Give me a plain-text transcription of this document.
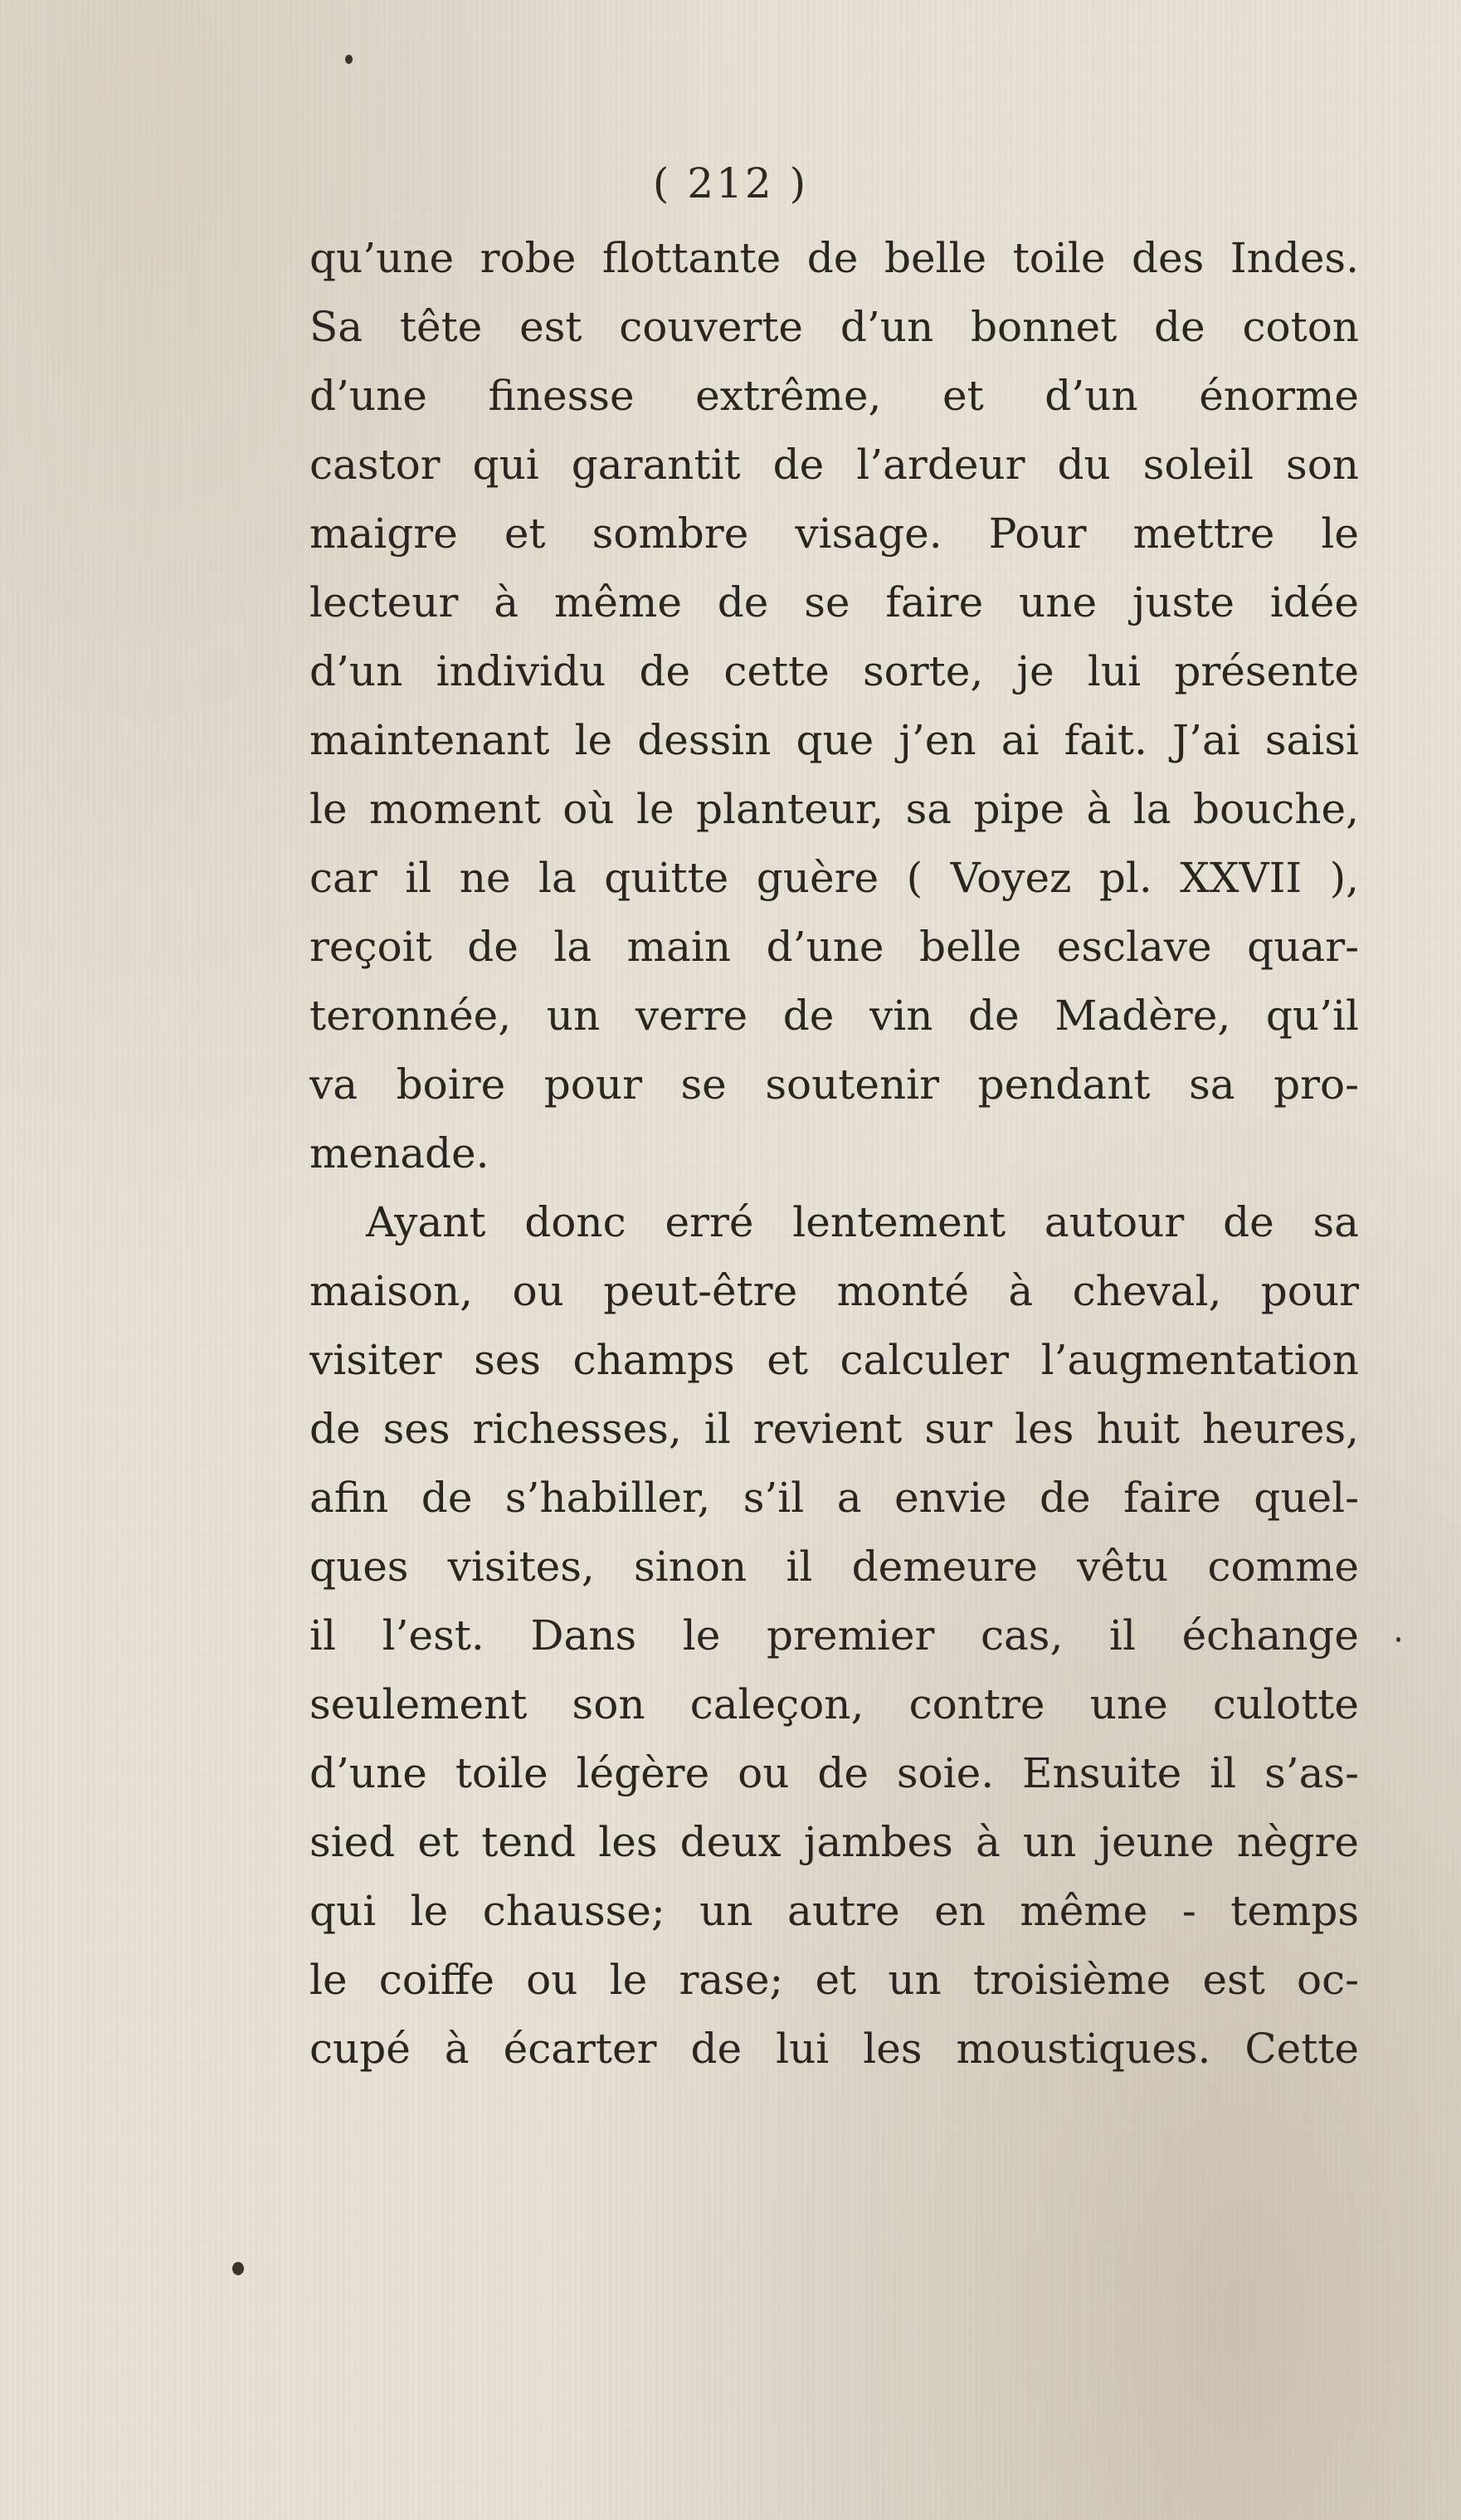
( 212 )
qu’une robe flottante de belle toile des Indes.
Sa tête est couverte d’un bonnet de coton
d’une finesse extrême, et d’un énorme
castor qui garantit de l’ardeur du soleil son
maigre et sombre visage. Pour mettre le
lecteur à même de se faire une juste idée
d’un individu de cette sorte, je lui présente
maintenant le dessin que j’en ai fait. J’ai saisi
le moment où le planteur, sa pipe à la bouche,
car il ne la quitte guère ( Voyez pl. XXVII ),
reçoit de la main d’une belle esclave quar-
teronnée, un verre de vin de Madère, qu’il
va boire pour se soutenir pendant sa pro-
menade.
Ayant donc erré lentement autour de sa
maison, ou peut-être monté à cheval, pour
visiter ses champs et calculer l’augmentation
de ses richesses, il revient sur les huit heures,
afin de s’habiller, s’il a envie de faire quel-
ques visites, sinon il demeure vêtu comme
il l’est. Dans le premier cas, il échange
seulement son caleçon, contre une culotte
d’une toile légère ou de soie. Ensuite il s’as-
sied et tend les deux jambes à un jeune nègre
qui le chausse; un autre en même - temps
le coiffe ou le rase; et un troisième est oc-
cupé à écarter de lui les moustiques. Cette
